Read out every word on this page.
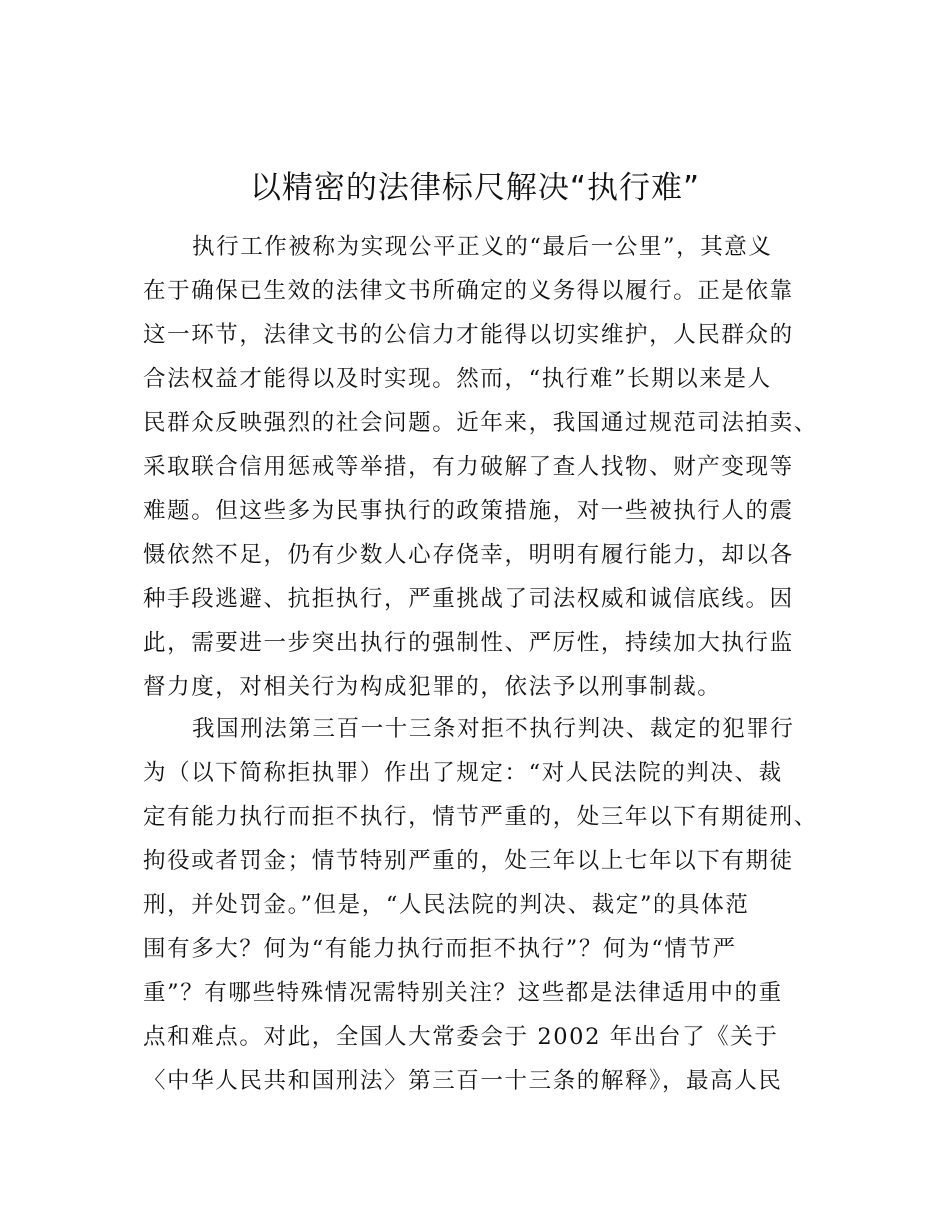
以精密的法律标尺解决“执行难”
执行工作被称为实现公平正义的“最后一公里”，其意义
在于确保已生效的法律文书所确定的义务得以履行。正是依靠
这一环节，法律文书的公信力才能得以切实维护，人民群众的
合法权益才能得以及时实现。然而，“执行难”长期以来是人
民群众反映强烈的社会问题。近年来，我国通过规范司法拍卖、
采取联合信用惩戒等举措，有力破解了查人找物、财产变现等
难题。但这些多为民事执行的政策措施，对一些被执行人的震
慑依然不足，仍有少数人心存侥幸，明明有履行能力，却以各
种手段逃避、抗拒执行，严重挑战了司法权威和诚信底线。因
此，需要进一步突出执行的强制性、严厉性，持续加大执行监
督力度，对相关行为构成犯罪的，依法予以刑事制裁。
我国刑法第三百一十三条对拒不执行判决、裁定的犯罪行
为（以下简称拒执罪）作出了规定：“对人民法院的判决、裁
定有能力执行而拒不执行，情节严重的，处三年以下有期徒刑、
拘役或者罚金；情节特别严重的，处三年以上七年以下有期徒
刑，并处罚金。”但是，“人民法院的判决、裁定”的具体范
围有多大？何为“有能力执行而拒不执行”？何为“情节严
重”？有哪些特殊情况需特别关注？这些都是法律适用中的重
点和难点。对此，全国人大常委会于 2002 年出台了《关于
〈中华人民共和国刑法〉第三百一十三条的解释》，最高人民
